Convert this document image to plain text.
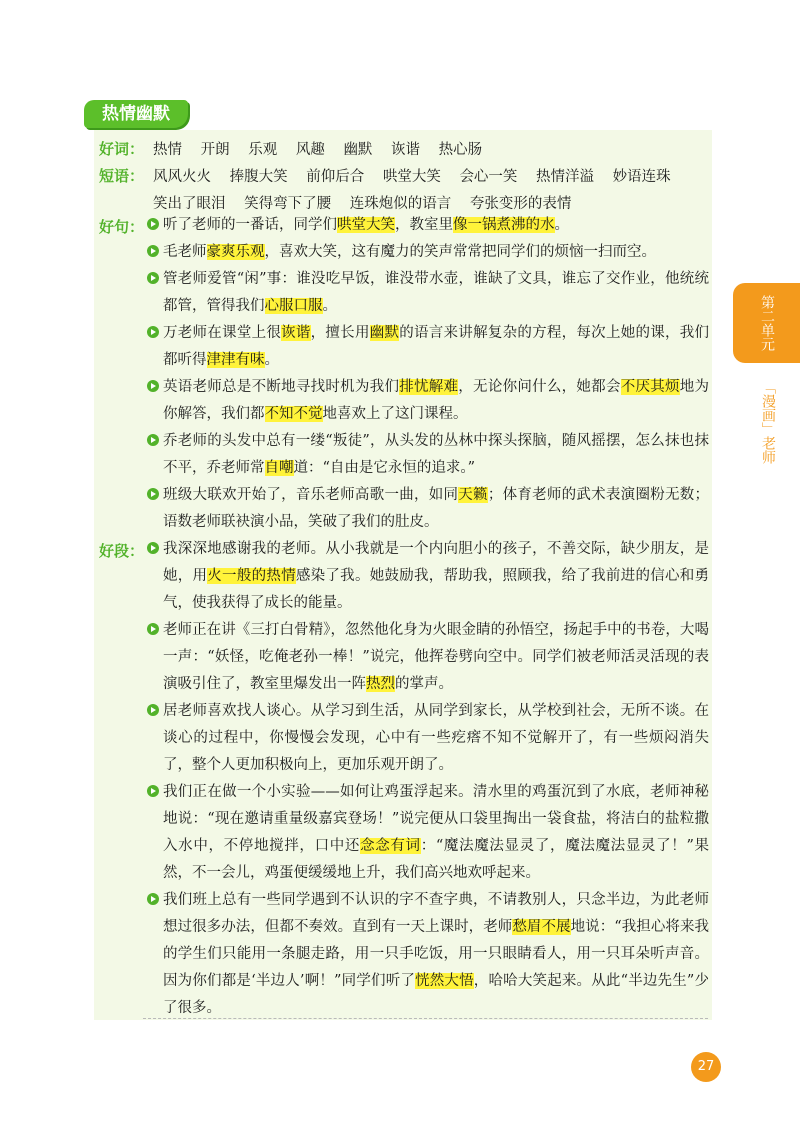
热情幽默
好词： 热情 开朗 乐观 风趣 幽默 诙谐 热心肠
短语： 风风火火 捧腹大笑 前仰后合 哄堂大笑 会心一笑 热情洋溢 妙语连珠
笑出了眼泪 笑得弯下了腰 连珠炮似的语言 夸张变形的表情
好句： 听了老师的一番话，同学们哄堂大笑，教室里像一锅煮沸的水。
毛老师豪爽乐观，喜欢大笑，这有魔力的笑声常常把同学们的烦恼一扫而空。
管老师爱管“闲”事：谁没吃早饭，谁没带水壶，谁缺了文具，谁忘了交作业，他统统都管，管得我们心服口服。
万老师在课堂上很诙谐，擅长用幽默的语言来讲解复杂的方程，每次上她的课，我们都听得津津有味。
英语老师总是不断地寻找时机为我们排忧解难，无论你问什么，她都会不厌其烦地为你解答，我们都不知不觉地喜欢上了这门课程。
乔老师的头发中总有一缕“叛徒”，从头发的丛林中探头探脑，随风摇摆，怎么抹也抹不平，乔老师常自嘲道：“自由是它永恒的追求。”
班级大联欢开始了，音乐老师高歌一曲，如同天籁；体育老师的武术表演圈粉无数；语数老师联袂演小品，笑破了我们的肚皮。
好段： 我深深地感谢我的老师。从小我就是一个内向胆小的孩子，不善交际，缺少朋友，是她，用火一般的热情感染了我。她鼓励我，帮助我，照顾我，给了我前进的信心和勇气，使我获得了成长的能量。
老师正在讲《三打白骨精》，忽然他化身为火眼金睛的孙悟空，扬起手中的书卷，大喝一声：“妖怪，吃俺老孙一棒！”说完，他挥卷劈向空中。同学们被老师活灵活现的表演吸引住了，教室里爆发出一阵热烈的掌声。
居老师喜欢找人谈心。从学习到生活，从同学到家长，从学校到社会，无所不谈。在谈心的过程中，你慢慢会发现，心中有一些疙瘩不知不觉解开了，有一些烦闷消失了，整个人更加积极向上，更加乐观开朗了。
我们正在做一个小实验——如何让鸡蛋浮起来。清水里的鸡蛋沉到了水底，老师神秘地说：“现在邀请重量级嘉宾登场！”说完便从口袋里掏出一袋食盐，将洁白的盐粒撒入水中，不停地搅拌，口中还念念有词：“魔法魔法显灵了，魔法魔法显灵了！”果然，不一会儿，鸡蛋便缓缓地上升，我们高兴地欢呼起来。
我们班上总有一些同学遇到不认识的字不查字典，不请教别人，只念半边，为此老师想过很多办法，但都不奏效。直到有一天上课时，老师愁眉不展地说：“我担心将来我的学生们只能用一条腿走路，用一只手吃饭，用一只眼睛看人，用一只耳朵听声音。因为你们都是‘半边人’啊！”同学们听了恍然大悟，哈哈大笑起来。从此“半边先生”少了很多。
第二单元
「漫画」老师
27
